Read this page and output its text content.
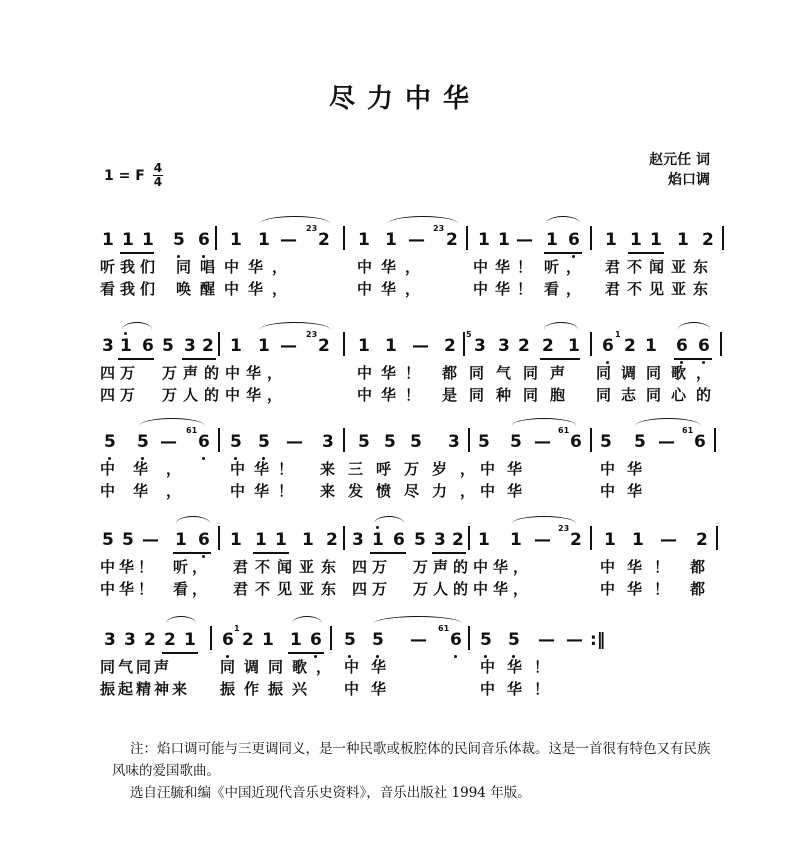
尽力中华
1 = F $\frac{4}{4}$
赵元任 词
焰口调
1 1 1 5 6 1 1 —
23
2 1 1 —
23
2 1 1 — 1 6 1 1 1 1 2
听我们 同唱中华，	中华，	中华！ 听， 君不闻亚东
看我们 唤醒中华，	中华，	中华！ 看， 君不见亚东
3 1 6 5 3 2 1 1 —
23
2 1 1 — 2
5
3 3 2 2 1 6
1
2 1 6 6
四万 万声的中华，	中华！ 都同气同声 同调同歌，
四万 万人的中华，	中华！ 是同种同胞 同志同心的
5 5 —
61
6 5 5 — 3 5 5 5 3 5 5 —
61
6 5 5 —
61
6
中华， 中华！ 来三呼万岁，
中华	中华
中华， 中华！ 来发愤尽力，
中华	中华
5 5 — 1 6 1 1 1 1 2 3 1 6 5 3 2 1 1 —
23
2 1 1 — 2
中华！ 听， 君不闻亚东 四万 万声的中华，	中华！ 都
中华！ 看， 君不见亚东 四万 万人的中华，	中华！ 都
3 3 2 2 1 6
1
2 1 1 6 5 5 —
61
6 5 5 — — :‖
同气同声	同调同歌， 中华	中华！
振起精神来 振作振兴 中华	中华！

注：焰口调可能与三更调同义，是一种民歌或板腔体的民间音乐体裁。这是一首很有特色又有民族风味的爱国歌曲。

选自汪毓和编《中国近现代音乐史资料》，音乐出版社 1994 年版。
